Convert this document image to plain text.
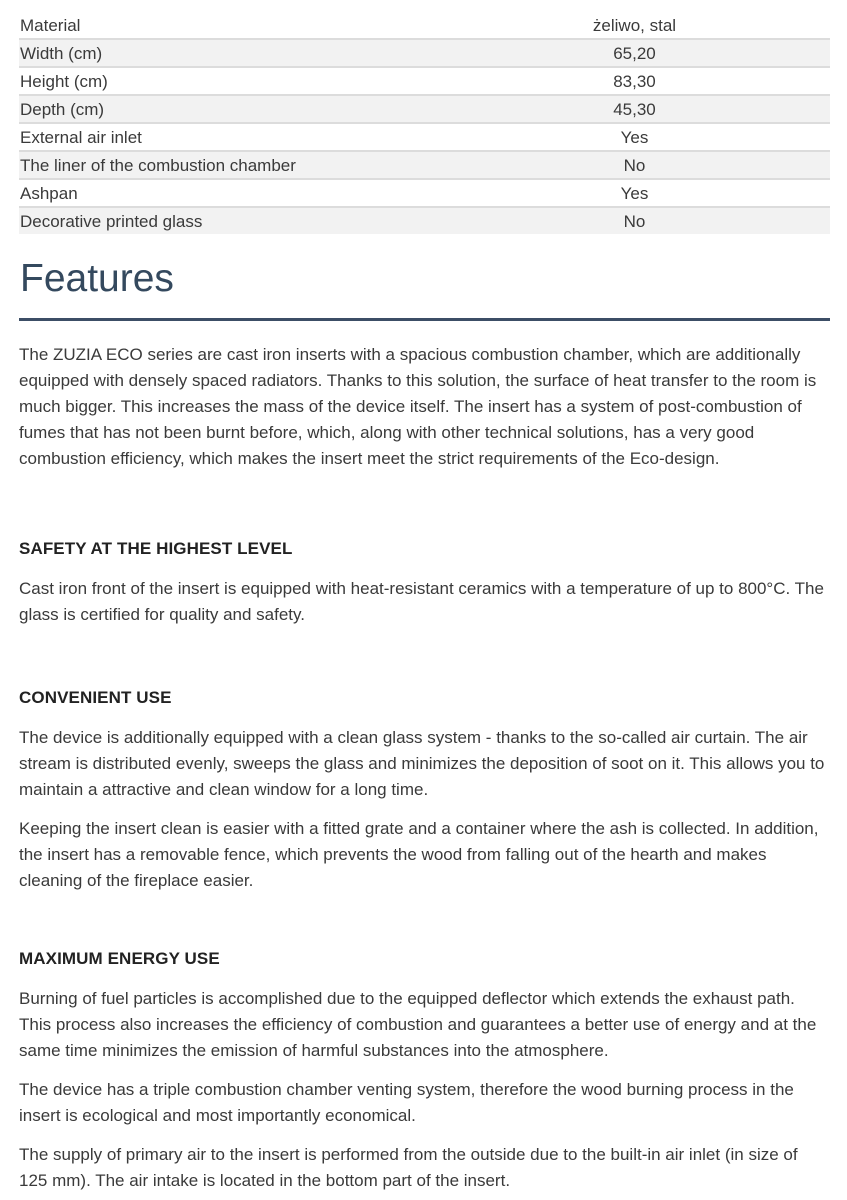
Material	żeliwo, stal
Width (cm)	65,20
Height (cm)	83,30
Depth (cm)	45,30
External air inlet	Yes
The liner of the combustion chamber	No
Ashpan	Yes
Decorative printed glass	No
Features

The ZUZIA ECO series are cast iron inserts with a spacious combustion chamber, which are additionally equipped with densely spaced radiators. Thanks to this solution, the surface of heat transfer to the room is much bigger. This increases the mass of the device itself. The insert has a system of post-combustion of fumes that has not been burnt before, which, along with other technical solutions, has a very good combustion efficiency, which makes the insert meet the strict requirements of the Eco-design.

SAFETY AT THE HIGHEST LEVEL

Cast iron front of the insert is equipped with heat-resistant ceramics with a temperature of up to 800°C. The glass is certified for quality and safety.

CONVENIENT USE

The device is additionally equipped with a clean glass system - thanks to the so-called air curtain. The air stream is distributed evenly, sweeps the glass and minimizes the deposition of soot on it. This allows you to maintain a attractive and clean window for a long time.

Keeping the insert clean is easier with a fitted grate and a container where the ash is collected. In addition, the insert has a removable fence, which prevents the wood from falling out of the hearth and makes cleaning of the fireplace easier.

MAXIMUM ENERGY USE

Burning of fuel particles is accomplished due to the equipped deflector which extends the exhaust path. This process also increases the efficiency of combustion and guarantees a better use of energy and at the same time minimizes the emission of harmful substances into the atmosphere.

The device has a triple combustion chamber venting system, therefore the wood burning process in the insert is ecological and most importantly economical.

The supply of primary air to the insert is performed from the outside due to the built-in air inlet (in size of 125 mm). The air intake is located in the bottom part of the insert.
